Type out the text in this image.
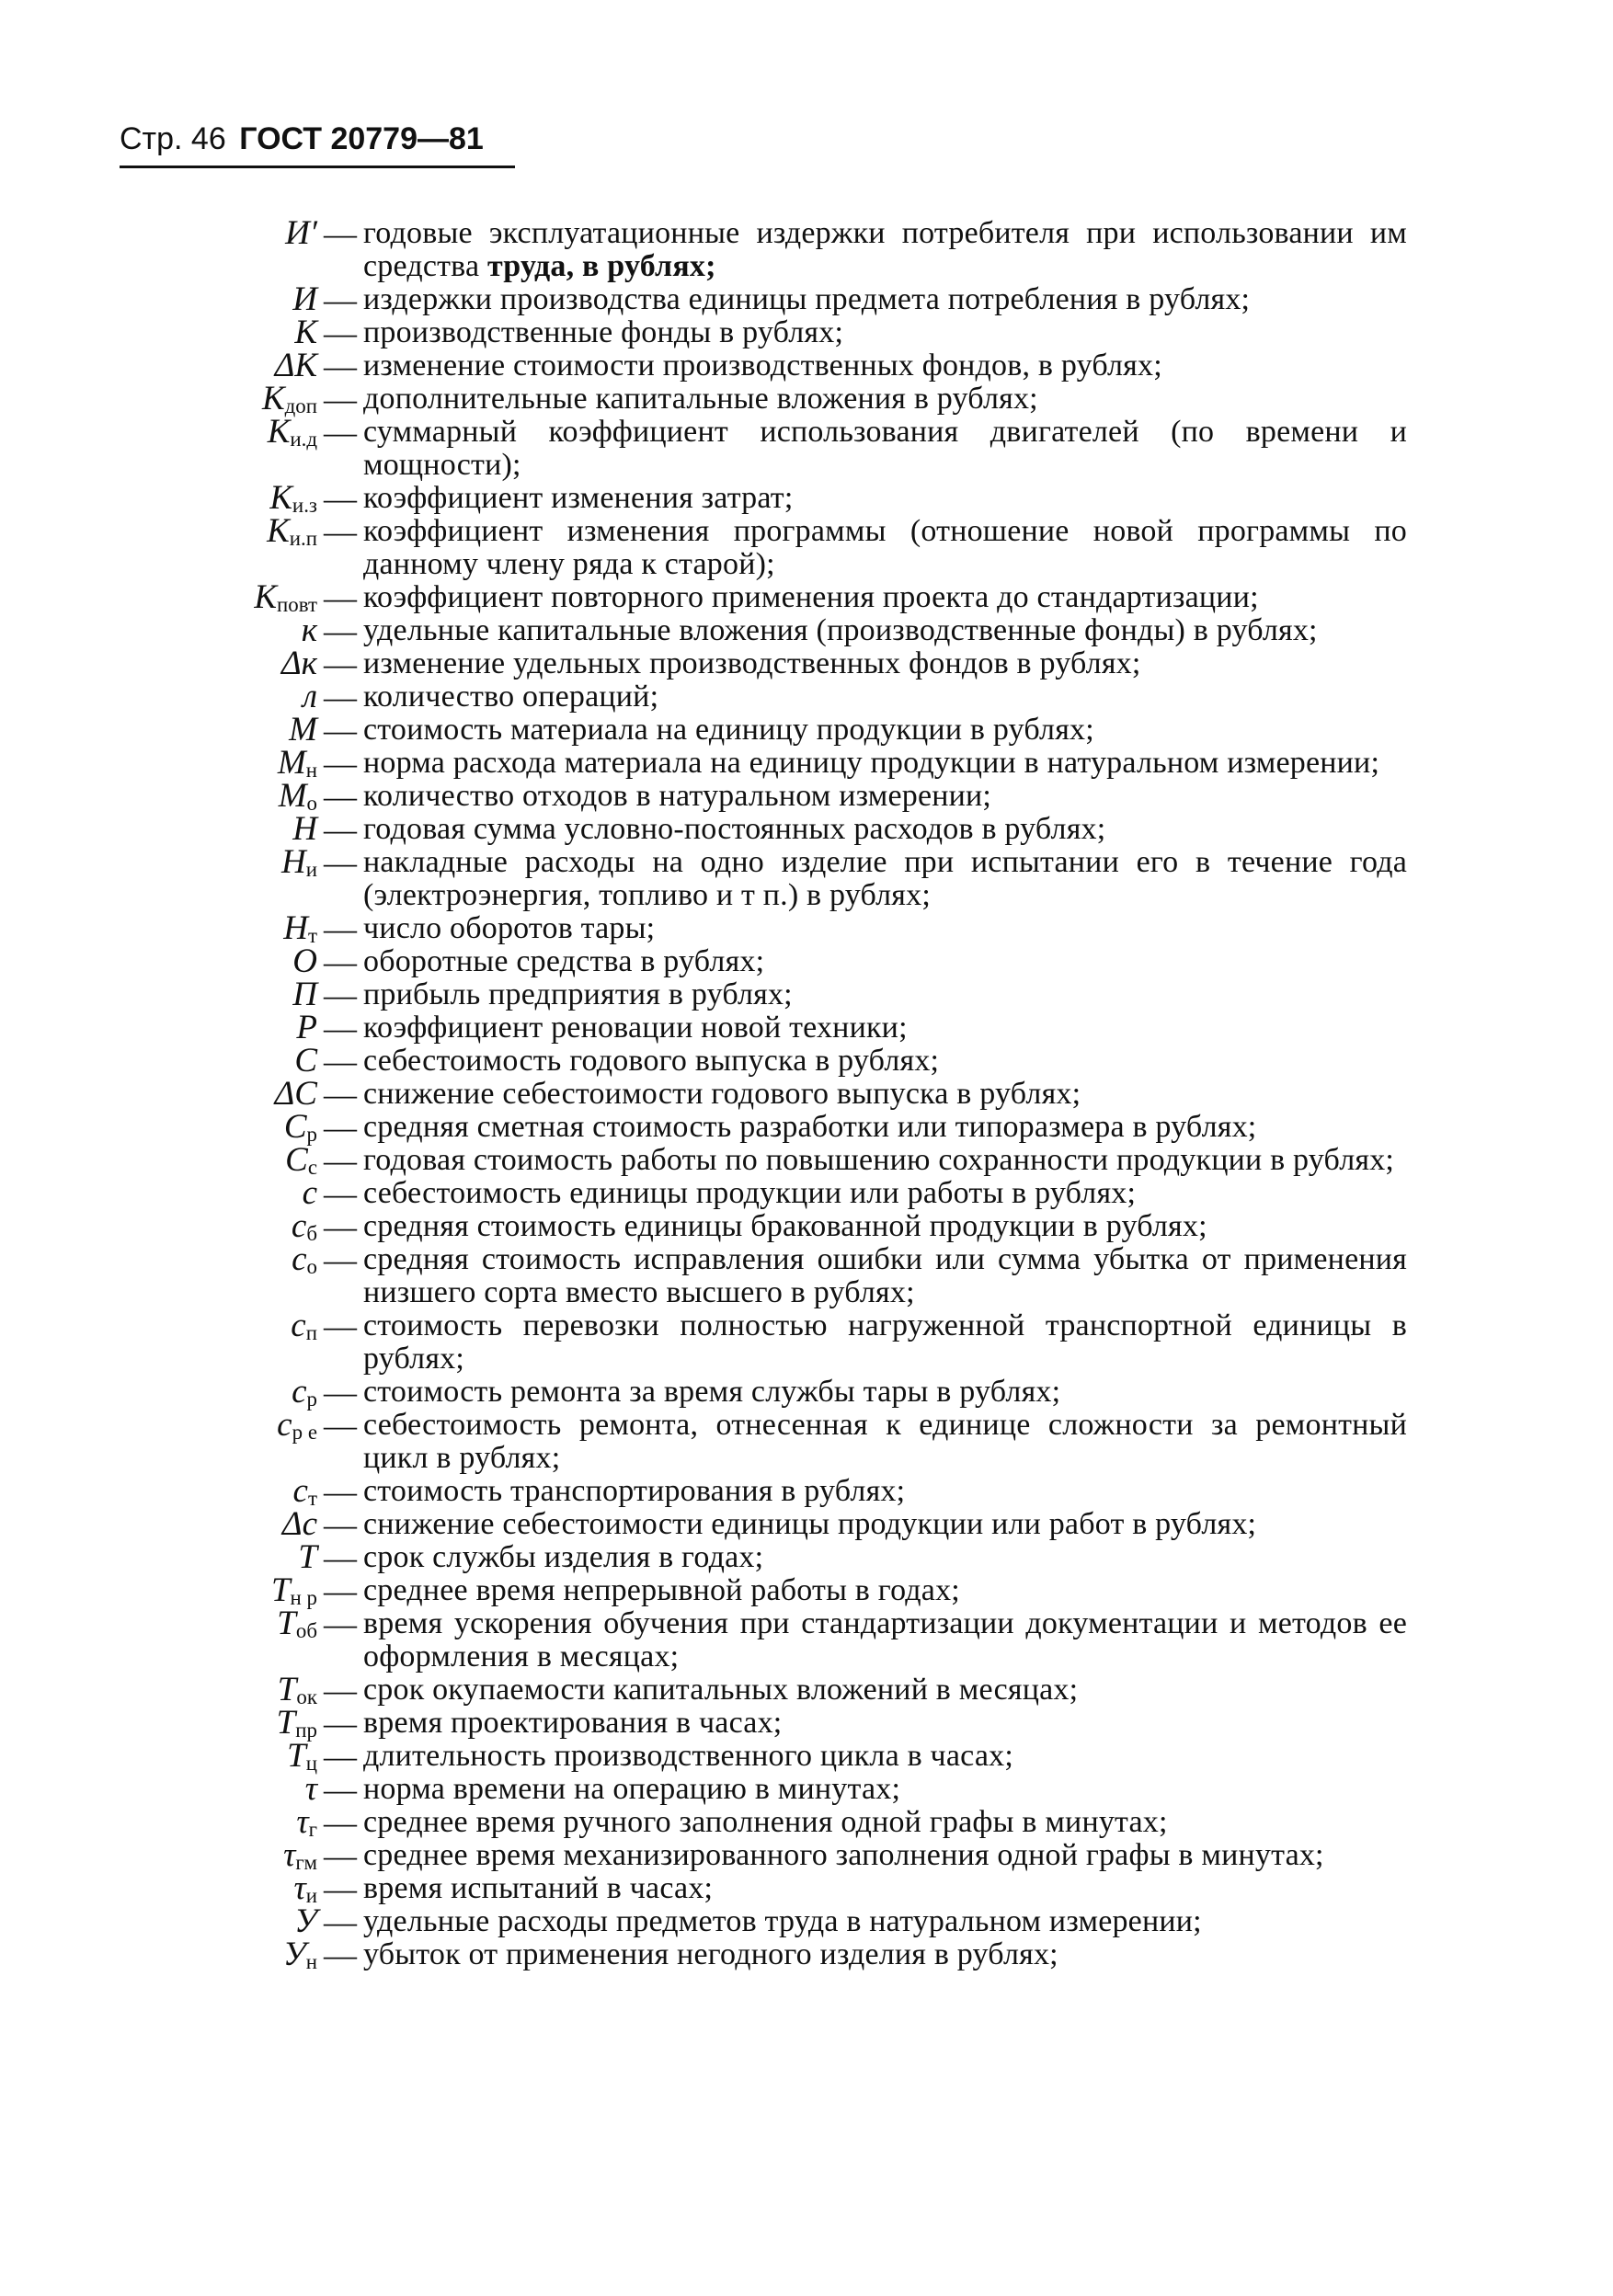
Стр. 46 ГОСТ 20779—81
И′ — годовые эксплуатационные издержки потребителя при использовании им средства труда, в рублях;
И — издержки производства единицы предмета потребления в рублях;
К — производственные фонды в рублях;
ΔК — изменение стоимости производственных фондов, в рублях;
$К_{доп}$ — дополнительные капитальные вложения в рублях;
$К_{и.д}$ — суммарный коэффициент использования двигателей (по времени и мощности);
$К_{и.з}$ — коэффициент изменения затрат;
$К_{и.п}$ — коэффициент изменения программы (отношение новой программы по данному члену ряда к старой);
$К_{повт}$ — коэффициент повторного применения проекта до стандартизации;
к — удельные капитальные вложения (производственные фонды) в рублях;
Δк — изменение удельных производственных фондов в рублях;
л — количество операций;
М — стоимость материала на единицу продукции в рублях;
$М_н$ — норма расхода материала на единицу продукции в натуральном измерении;
$М_о$ — количество отходов в натуральном измерении;
Н — годовая сумма условно-постоянных расходов в рублях;
$Н_и$ — накладные расходы на одно изделие при испытании его в течение года (электроэнергия, топливо и т п.) в рублях;
$Н_т$ — число оборотов тары;
О — оборотные средства в рублях;
П — прибыль предприятия в рублях;
Р — коэффициент реновации новой техники;
С — себестоимость годового выпуска в рублях;
ΔС — снижение себестоимости годового выпуска в рублях;
$С_р$ — средняя сметная стоимость разработки или типоразмера в рублях;
$С_с$ — годовая стоимость работы по повышению сохранности продукции в рублях;
с — себестоимость единицы продукции или работы в рублях;
$с_б$ — средняя стоимость единицы бракованной продукции в рублях;
$с_о$ — средняя стоимость исправления ошибки или сумма убытка от применения низшего сорта вместо высшего в рублях;
$с_п$ — стоимость перевозки полностью нагруженной транспортной единицы в рублях;
$с_р$ — стоимость ремонта за время службы тары в рублях;
$с_{р е}$ — себестоимость ремонта, отнесенная к единице сложности за ремонтный цикл в рублях;
$с_т$ — стоимость транспортирования в рублях;
Δс — снижение себестоимости единицы продукции или работ в рублях;
Т — срок службы изделия в годах;
$Т_{н р}$ — среднее время непрерывной работы в годах;
$Т_{об}$ — время ускорения обучения при стандартизации документации и методов ее оформления в месяцах;
$Т_{ок}$ — срок окупаемости капитальных вложений в месяцах;
$Т_{пр}$ — время проектирования в часах;
$Т_ц$ — длительность производственного цикла в часах;
τ — норма времени на операцию в минутах;
$\tau_г$ — среднее время ручного заполнения одной графы в минутах;
$\tau_{гм}$ — среднее время механизированного заполнения одной графы в минутах;
$\tau_и$ — время испытаний в часах;
У — удельные расходы предметов труда в натуральном измерении;
$У_н$ — убыток от применения негодного изделия в рублях;
